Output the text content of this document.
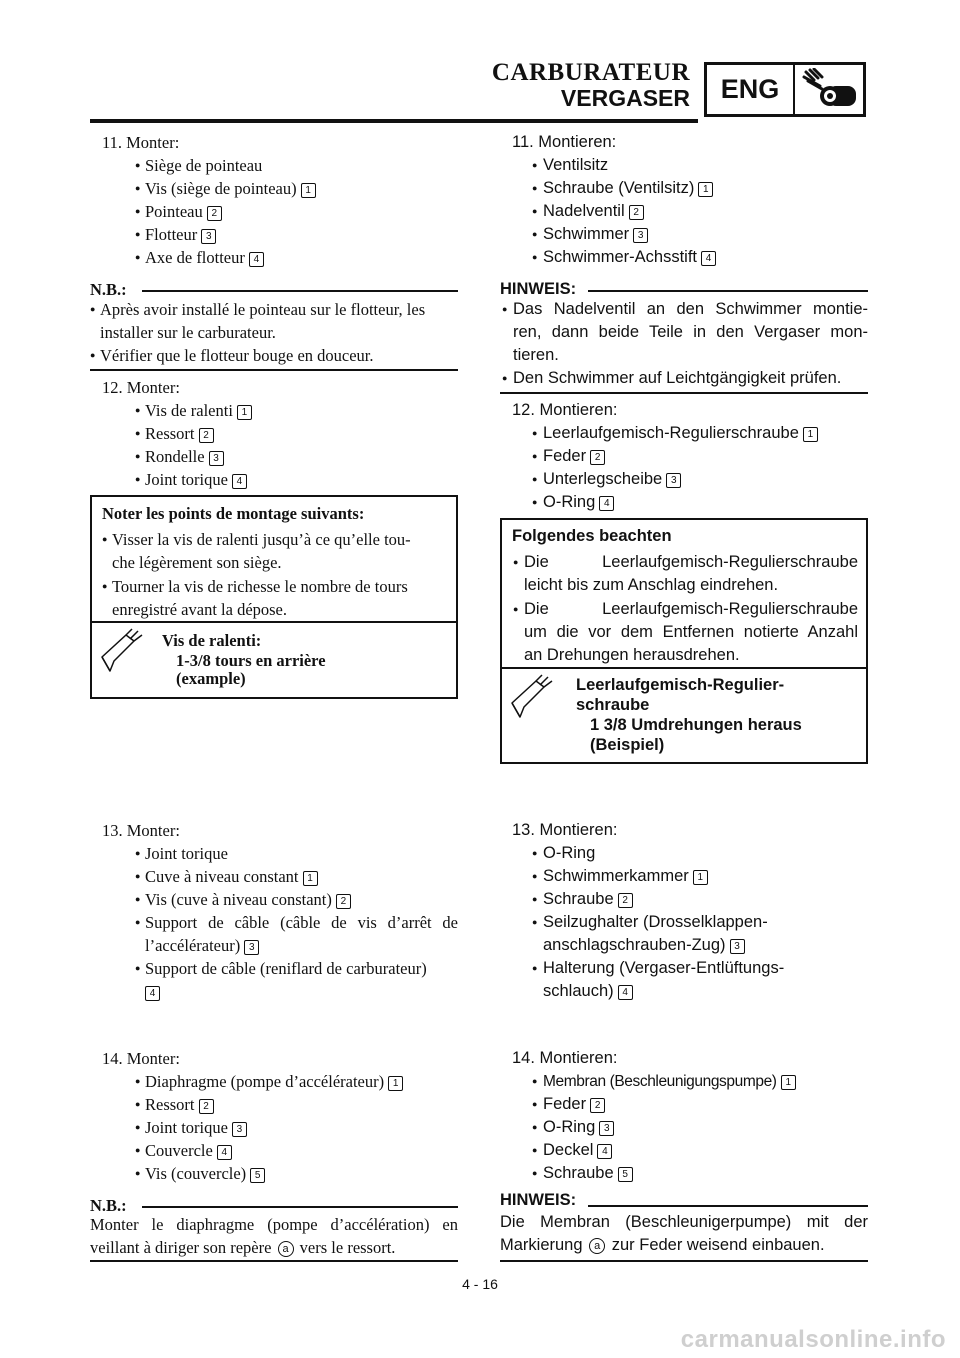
CARBURATEUR
VERGASER	ENG
11. Monter:
● Siège de pointeau
● Vis (siège de pointeau) 1
● Pointeau 2
● Flotteur 3
● Axe de flotteur 4
N.B.:
● Après avoir installé le pointeau sur le flotteur, les
installer sur le carburateur.
● Vérifier que le flotteur bouge en douceur.
12. Monter:
● Vis de ralenti 1
● Ressort 2
● Rondelle 3
● Joint torique 4
Noter les points de montage suivants:
● Visser la vis de ralenti jusqu’à ce qu’elle tou-
che légèrement son siège.
● Tourner la vis de richesse le nombre de tours
enregistré avant la dépose.
Vis de ralenti:
1-3/8 tours en arrière
(example)
13. Monter:
● Joint torique
● Cuve à niveau constant 1
● Vis (cuve à niveau constant) 2
● Support de câble (câble de vis d’arrêt de
l’accélérateur) 3
● Support de câble (reniflard de carburateur)
4
14. Monter:
● Diaphragme (pompe d’accélérateur) 1
● Ressort 2
● Joint torique 3
● Couvercle 4
● Vis (couvercle) 5
N.B.:
Monter le diaphragme (pompe d’accélération) en
veillant à diriger son repère a vers le ressort.
11. Montieren:
● Ventilsitz
● Schraube (Ventilsitz) 1
● Nadelventil 2
● Schwimmer 3
● Schwimmer-Achsstift 4
HINWEIS:
● Das Nadelventil an den Schwimmer montie-
ren, dann beide Teile in den Vergaser mon-
tieren.
● Den Schwimmer auf Leichtgängigkeit prüfen.
12. Montieren:
● Leerlaufgemisch-Regulierschraube 1
● Feder 2
● Unterlegscheibe 3
● O-Ring 4
Folgendes beachten
● Die      Leerlaufgemisch-Regulierschraube
leicht bis zum Anschlag eindrehen.
● Die      Leerlaufgemisch-Regulierschraube
um die vor dem Entfernen notierte Anzahl
an Drehungen herausdrehen.
Leerlaufgemisch-Regulier-
schraube
1 3/8 Umdrehungen heraus
(Beispiel)
13. Montieren:
● O-Ring
● Schwimmerkammer 1
● Schraube 2
● Seilzughalter (Drosselklappen-
anschlagschrauben-Zug) 3
● Halterung (Vergaser-Entlüftungs-
schlauch) 4
14. Montieren:
● Membran (Beschleunigungspumpe) 1
● Feder 2
● O-Ring 3
● Deckel 4
● Schraube 5
HINWEIS:
Die Membran (Beschleunigerpumpe) mit der
Markierung a zur Feder weisend einbauen.
4 - 16
carmanualsonline.info
